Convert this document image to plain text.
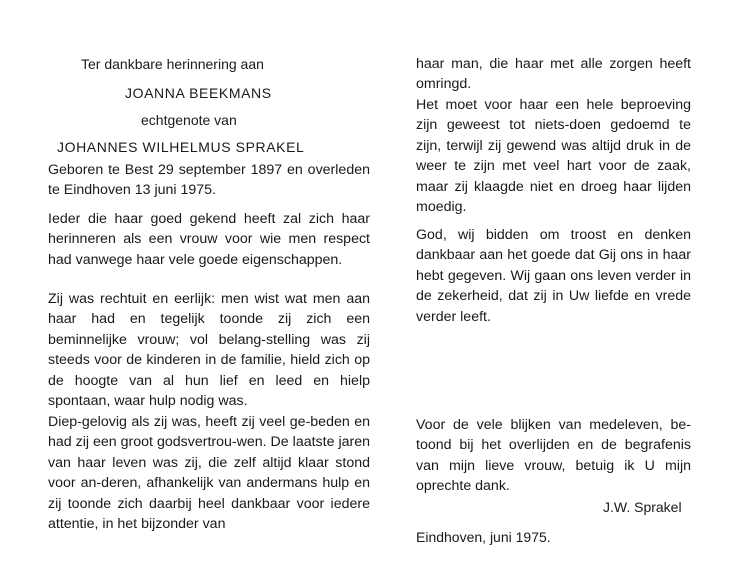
Ter dankbare herinnering aan
JOANNA BEEKMANS
echtgenote van
JOHANNES WILHELMUS SPRAKEL

Geboren te Best 29 september 1897 en overleden te Eindhoven 13 juni 1975.

Ieder die haar goed gekend heeft zal zich haar herinneren als een vrouw voor wie men respect had vanwege haar vele goede eigenschappen.

Zij was rechtuit en eerlijk: men wist wat men aan haar had en tegelijk toonde zij zich een beminnelijke vrouw; vol belang-stelling was zij steeds voor de kinderen in de familie, hield zich op de hoogte van al hun lief en leed en hielp spontaan, waar hulp nodig was.

Diep-gelovig als zij was, heeft zij veel ge-beden en had zij een groot godsvertrou-wen. De laatste jaren van haar leven was zij, die zelf altijd klaar stond voor an-deren, afhankelijk van andermans hulp en zij toonde zich daarbij heel dankbaar voor iedere attentie, in het bijzonder van

haar man, die haar met alle zorgen heeft omringd.

Het moet voor haar een hele beproeving zijn geweest tot niets-doen gedoemd te zijn, terwijl zij gewend was altijd druk in de weer te zijn met veel hart voor de zaak, maar zij klaagde niet en droeg haar lijden moedig.

God, wij bidden om troost en denken dankbaar aan het goede dat Gij ons in haar hebt gegeven. Wij gaan ons leven verder in de zekerheid, dat zij in Uw liefde en vrede verder leeft.

Voor de vele blijken van medeleven, be-toond bij het overlijden en de begrafenis van mijn lieve vrouw, betuig ik U mijn oprechte dank.

J.W. Sprakel
Eindhoven, juni 1975.
